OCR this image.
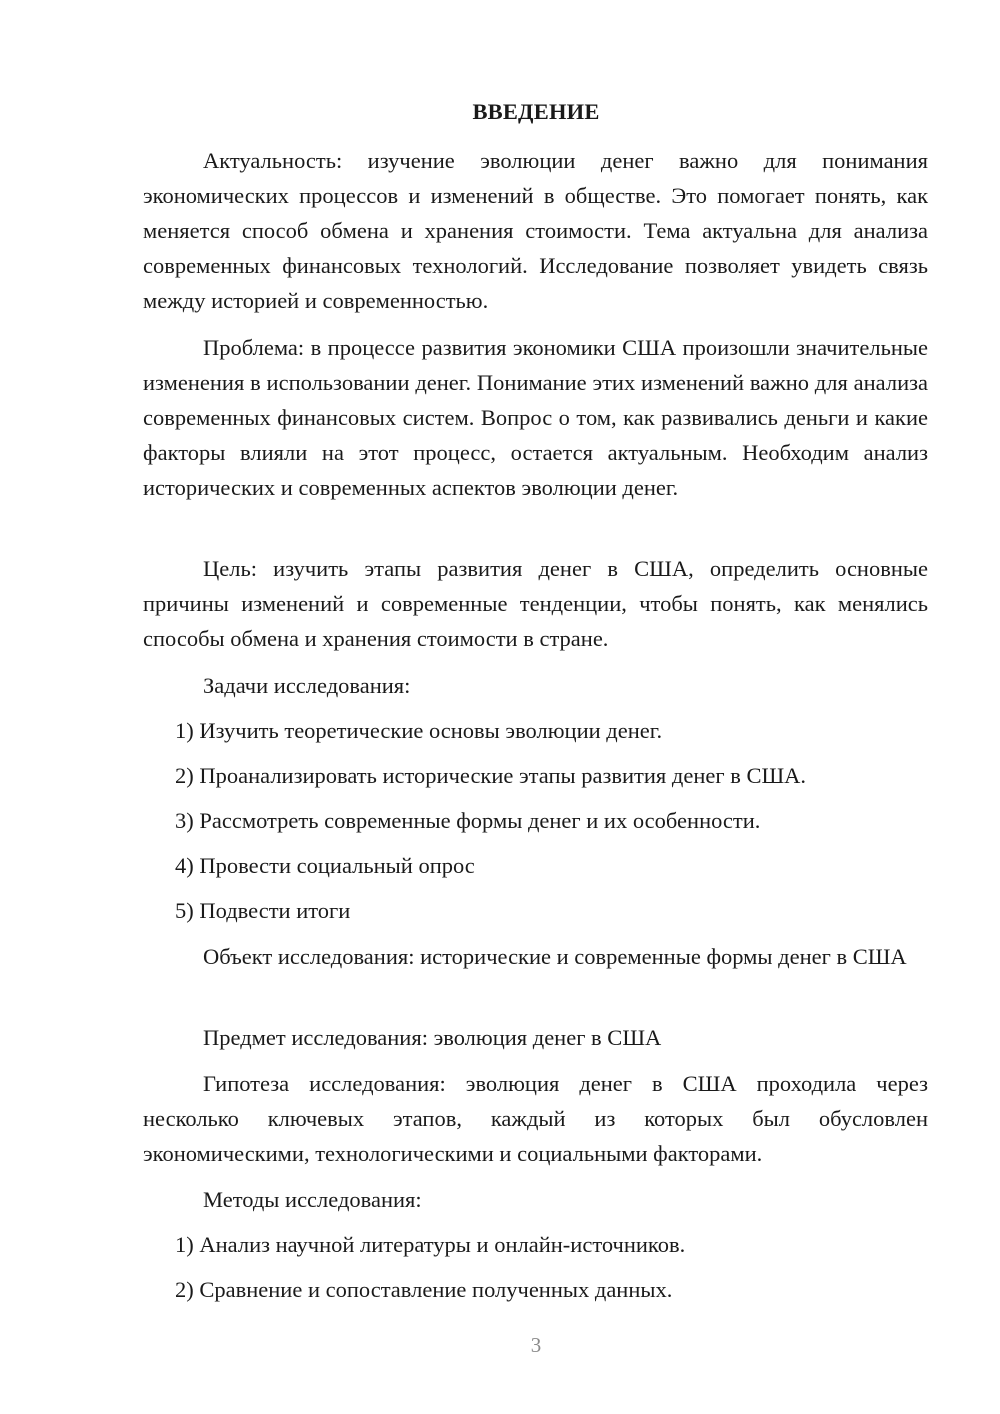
ВВЕДЕНИЕ

Актуальность: изучение эволюции денег важно для понимания экономических процессов и изменений в обществе. Это помогает понять, как меняется способ обмена и хранения стоимости. Тема актуальна для анализа современных финансовых технологий. Исследование позволяет увидеть связь между историей и современностью.

Проблема: в процессе развития экономики США произошли значительные изменения в использовании денег. Понимание этих изменений важно для анализа современных финансовых систем. Вопрос о том, как развивались деньги и какие факторы влияли на этот процесс, остается актуальным. Необходим анализ исторических и современных аспектов эволюции денег.

Цель: изучить этапы развития денег в США, определить основные причины изменений и современные тенденции, чтобы понять, как менялись способы обмена и хранения стоимости в стране.

Задачи исследования:

1) Изучить теоретические основы эволюции денег.

2) Проанализировать исторические этапы развития денег в США.

3) Рассмотреть современные формы денег и их особенности.

4) Провести социальный опрос

5) Подвести итоги

Объект исследования: исторические и современные формы денег в США

Предмет исследования: эволюция денег в США

Гипотеза исследования: эволюция денег в США проходила через несколько ключевых этапов, каждый из которых был обусловлен экономическими, технологическими и социальными факторами.

Методы исследования:

1) Анализ научной литературы и онлайн-источников.

2) Сравнение и сопоставление полученных данных.

3
